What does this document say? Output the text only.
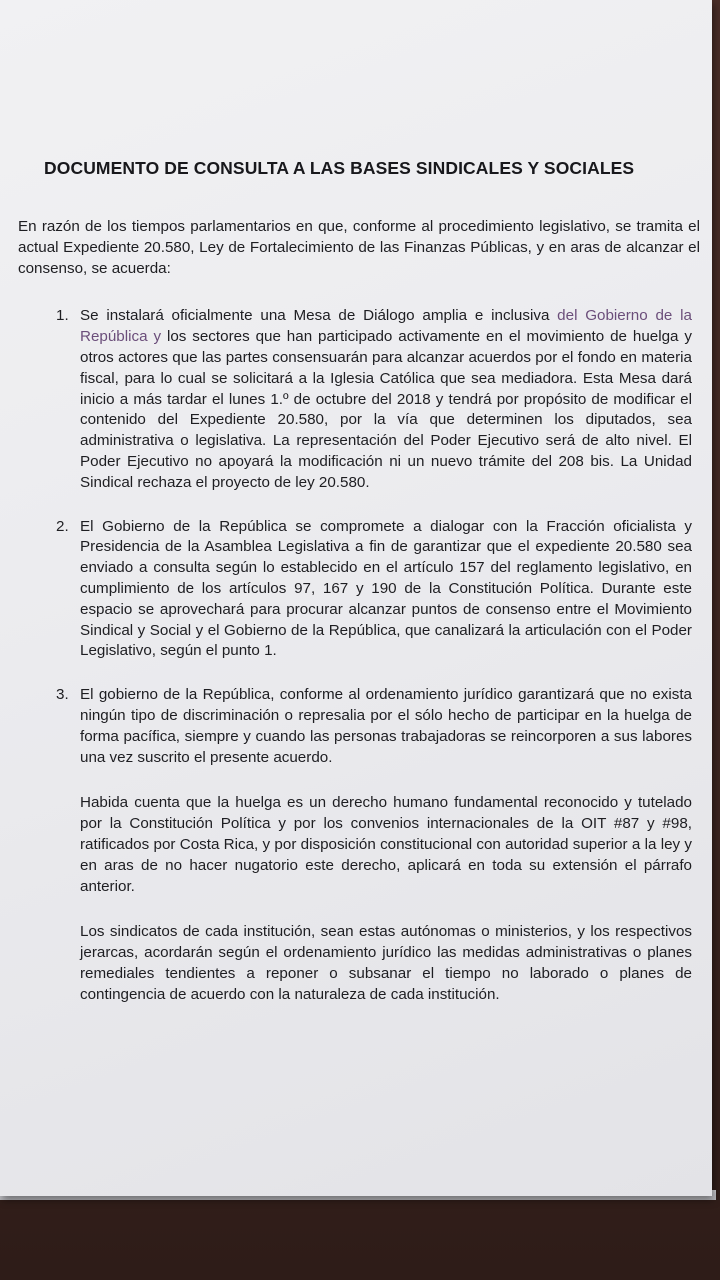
DOCUMENTO DE CONSULTA A LAS BASES SINDICALES Y SOCIALES

En razón de los tiempos parlamentarios en que, conforme al procedimiento legislativo, se tramita el actual Expediente 20.580, Ley de Fortalecimiento de las Finanzas Públicas, y en aras de alcanzar el consenso, se acuerda:

1. Se instalará oficialmente una Mesa de Diálogo amplia e inclusiva del Gobierno de la República y los sectores que han participado activamente en el movimiento de huelga y otros actores que las partes consensuarán para alcanzar acuerdos por el fondo en materia fiscal, para lo cual se solicitará a la Iglesia Católica que sea mediadora. Esta Mesa dará inicio a más tardar el lunes 1.º de octubre del 2018 y tendrá por propósito de modificar el contenido del Expediente 20.580, por la vía que determinen los diputados, sea administrativa o legislativa. La representación del Poder Ejecutivo será de alto nivel. El Poder Ejecutivo no apoyará la modificación ni un nuevo trámite del 208 bis. La Unidad Sindical rechaza el proyecto de ley 20.580.

2. El Gobierno de la República se compromete a dialogar con la Fracción oficialista y Presidencia de la Asamblea Legislativa a fin de garantizar que el expediente 20.580 sea enviado a consulta según lo establecido en el artículo 157 del reglamento legislativo, en cumplimiento de los artículos 97, 167 y 190 de la Constitución Política. Durante este espacio se aprovechará para procurar alcanzar puntos de consenso entre el Movimiento Sindical y Social y el Gobierno de la República, que canalizará la articulación con el Poder Legislativo, según el punto 1.

3. El gobierno de la República, conforme al ordenamiento jurídico garantizará que no exista ningún tipo de discriminación o represalia por el sólo hecho de participar en la huelga de forma pacífica, siempre y cuando las personas trabajadoras se reincorporen a sus labores una vez suscrito el presente acuerdo.

Habida cuenta que la huelga es un derecho humano fundamental reconocido y tutelado por la Constitución Política y por los convenios internacionales de la OIT #87 y #98, ratificados por Costa Rica, y por disposición constitucional con autoridad superior a la ley y en aras de no hacer nugatorio este derecho, aplicará en toda su extensión el párrafo anterior.

Los sindicatos de cada institución, sean estas autónomas o ministerios, y los respectivos jerarcas, acordarán según el ordenamiento jurídico las medidas administrativas o planes remediales tendientes a reponer o subsanar el tiempo no laborado o planes de contingencia de acuerdo con la naturaleza de cada institución.
